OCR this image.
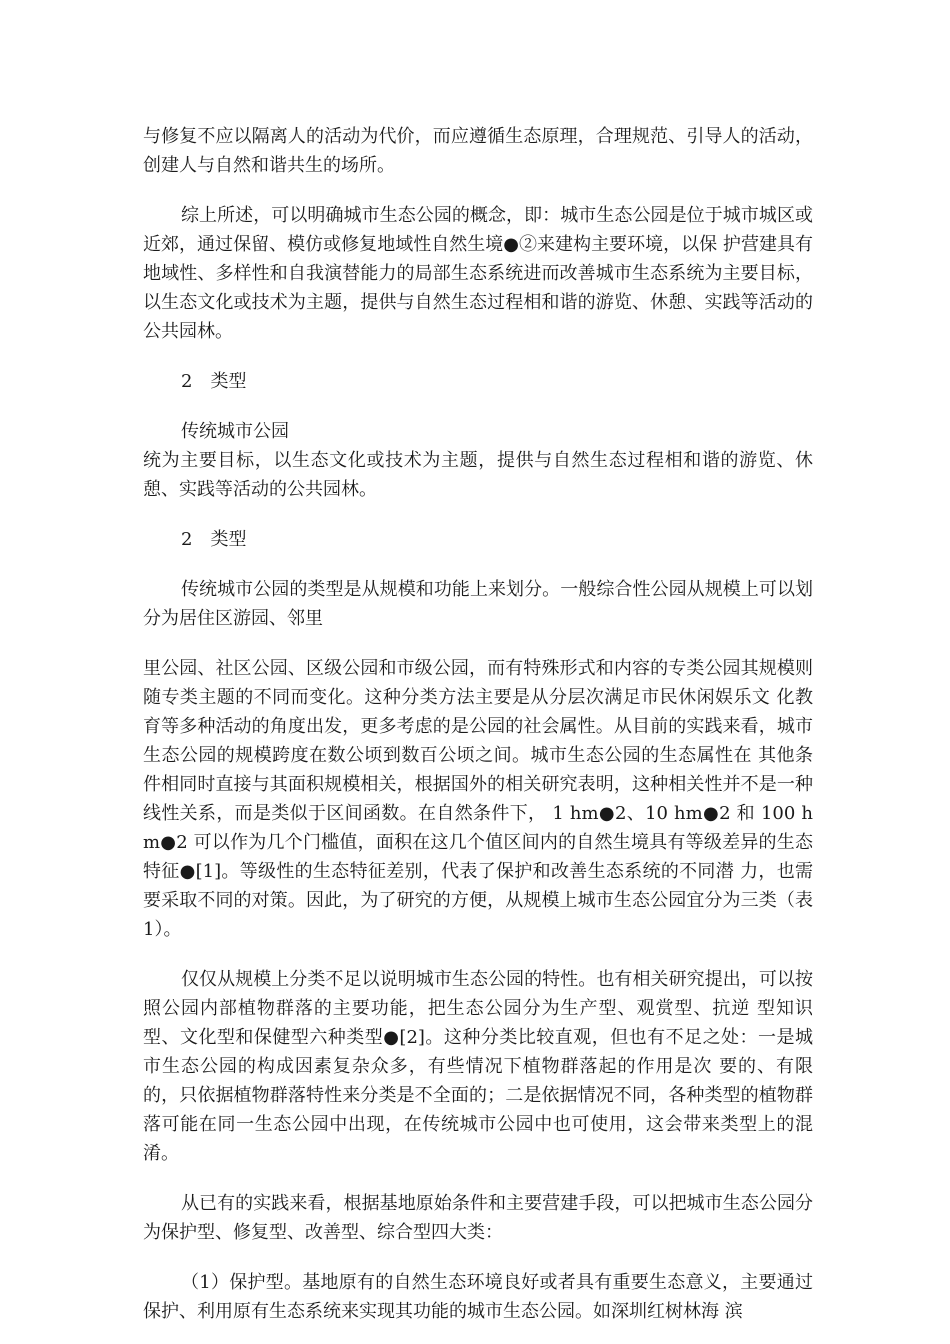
与修复不应以隔离人的活动为代价，而应遵循生态原理，合理规范、引导人的活动，创建人与自然和谐共生的场所。

综上所述，可以明确城市生态公园的概念，即：城市生态公园是位于城市城区或近郊，通过保留、模仿或修复地域性自然生境●②来建构主要环境，以保 护营建具有地域性、多样性和自我演替能力的局部生态系统进而改善城市生态系统为主要目标，以生态文化或技术为主题，提供与自然生态过程相和谐的游览、休憩、实践等活动的公共园林。

2　类型

传统城市公园

统为主要目标，以生态文化或技术为主题，提供与自然生态过程相和谐的游览、休憩、实践等活动的公共园林。

2　类型

传统城市公园的类型是从规模和功能上来划分。一般综合性公园从规模上可以划分为居住区游园、邻里

里公园、社区公园、区级公园和市级公园，而有特殊形式和内容的专类公园其规模则随专类主题的不同而变化。这种分类方法主要是从分层次满足市民休闲娱乐文 化教育等多种活动的角度出发，更多考虑的是公园的社会属性。从目前的实践来看，城市生态公园的规模跨度在数公顷到数百公顷之间。城市生态公园的生态属性在 其他条件相同时直接与其面积规模相关，根据国外的相关研究表明，这种相关性并不是一种线性关系，而是类似于区间函数。在自然条件下， 1 hm●2、10 hm●2 和 100 hm●2 可以作为几个门槛值，面积在这几个值区间内的自然生境具有等级差异的生态特征●[1]。等级性的生态特征差别，代表了保护和改善生态系统的不同潜 力，也需要采取不同的对策。因此，为了研究的方便，从规模上城市生态公园宜分为三类（表 1）。

仅仅从规模上分类不足以说明城市生态公园的特性。也有相关研究提出，可以按照公园内部植物群落的主要功能，把生态公园分为生产型、观赏型、抗逆 型知识型、文化型和保健型六种类型●[2]。这种分类比较直观，但也有不足之处：一是城市生态公园的构成因素复杂众多，有些情况下植物群落起的作用是次 要的、有限的，只依据植物群落特性来分类是不全面的；二是依据情况不同，各种类型的植物群落可能在同一生态公园中出现，在传统城市公园中也可使用，这会带来类型上的混淆。

从已有的实践来看，根据基地原始条件和主要营建手段，可以把城市生态公园分为保护型、修复型、改善型、综合型四大类：

（1）保护型。基地原有的自然生态环境良好或者具有重要生态意义，主要通过保护、利用原有生态系统来实现其功能的城市生态公园。如深圳红树林海 滨
